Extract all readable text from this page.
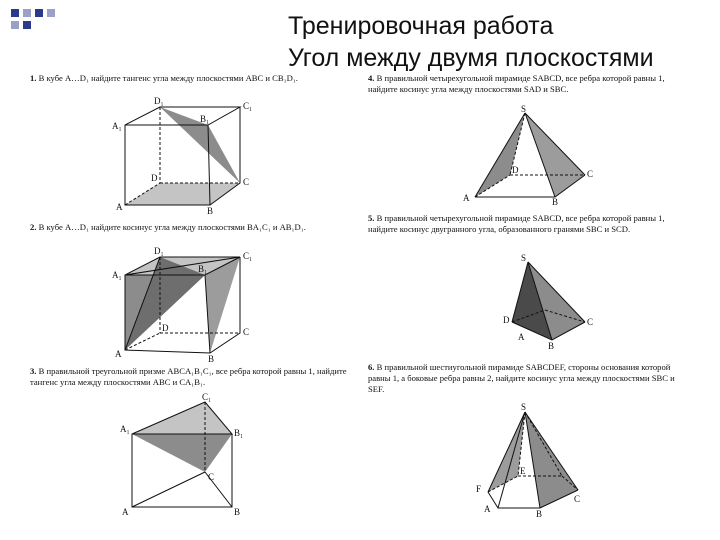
Тренировочная работа
Угол между двумя плоскостями
1. В кубе A…D₁ найдите тангенс угла между плоскостями ABC и CB₁D₁.
2. В кубе A…D₁ найдите косинус угла между плоскостями BA₁C₁ и AB₁D₁.
3. В правильной треугольной призме ABCA₁B₁C₁, все ребра которой равны 1, найдите тангенс угла между плоскостями ABC и CA₁B₁.
4. В правильной четырехугольной пирамиде SABCD, все ребра которой равны 1, найдите косинус угла между плоскостями SAD и SBC.
5. В правильной четырехугольной пирамиде SABCD, все ребра которой равны 1, найдите косинус двугранного угла, образованного гранями SBC и SCD.
6. В правильной шестиугольной пирамиде SABCDEF, стороны основания которой равны 1, а боковые ребра равны 2, найдите косинус угла между плоскостями SBC и SEF.
D₁	C₁
A₁
B₁
D	C
A	B
D₁	C₁
A₁
B₁
D	C
A	B
C₁
A₁	B₁
C
A	B
S
D	C
A	B
S
D	C
A
B
S
E
F
C
A	B
